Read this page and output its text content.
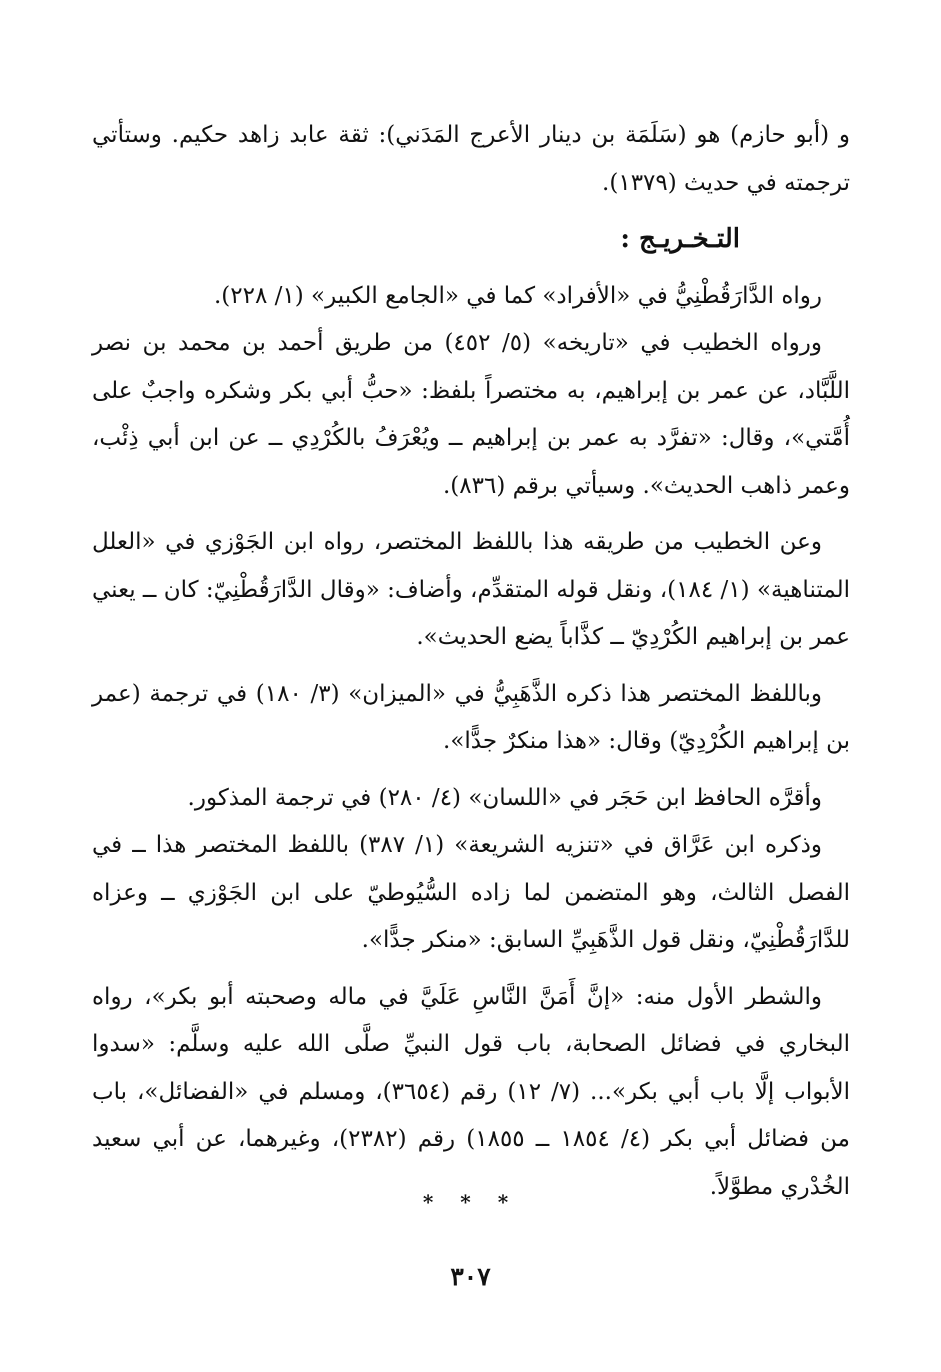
و (أبو حازم) هو (سَلَمَة بن دينار الأعرج المَدَني): ثقة عابد زاهد حكيم. وستأتي ترجمته في حديث (١٣٧٩).

التـخـريـج :

رواه الدَّارَقُطْنِيُّ في «الأفراد» كما في «الجامع الكبير» (١/ ٢٢٨).

ورواه الخطيب في «تاريخه» (٥/ ٤٥٢) من طريق أحمد بن محمد بن نصر اللَّبَّاد، عن عمر بن إبراهيم، به مختصراً بلفظ: «حبُّ أبي بكر وشكره واجبٌ على أُمَّتي»، وقال: «تفرَّد به عمر بن إبراهيم ــ ويُعْرَفُ بالكُرْدِي ــ عن ابن أبي ذِئْب، وعمر ذاهب الحديث». وسيأتي برقم (٨٣٦).

وعن الخطيب من طريقه هذا باللفظ المختصر، رواه ابن الجَوْزي في «العلل المتناهية» (١/ ١٨٤)، ونقل قوله المتقدِّم، وأضاف: «وقال الدَّارَقُطْنِيّ: كان ــ يعني عمر بن إبراهيم الكُرْدِيّ ــ كذَّاباً يضع الحديث».

وباللفظ المختصر هذا ذكره الذَّهَبِيُّ في «الميزان» (٣/ ١٨٠) في ترجمة (عمر بن إبراهيم الكُرْدِيّ) وقال: «هذا منكرٌ جدًّا».

وأقرَّه الحافظ ابن حَجَر في «اللسان» (٤/ ٢٨٠) في ترجمة المذكور.

وذكره ابن عَرَّاق في «تنزيه الشريعة» (١/ ٣٨٧) باللفظ المختصر هذا ــ في الفصل الثالث، وهو المتضمن لما زاده السُّيُوطيّ على ابن الجَوْزي ــ وعزاه للدَّارَقُطْنِيّ، ونقل قول الذَّهَبِيِّ السابق: «منكر جدًّا».

والشطر الأول منه: «إنَّ أَمَنَّ النَّاسِ عَلَيَّ في ماله وصحبته أبو بكر»، رواه البخاري في فضائل الصحابة، باب قول النبيِّ صلَّى الله عليه وسلَّم: «سدوا الأبواب إلَّا باب أبي بكر»... (٧/ ١٢) رقم (٣٦٥٤)، ومسلم في «الفضائل»، باب من فضائل أبي بكر (٤/ ١٨٥٤ ــ ١٨٥٥) رقم (٢٣٨٢)، وغيرهما، عن أبي سعيد الخُدْري مطوَّلاً.

* * *
٣٠٧
